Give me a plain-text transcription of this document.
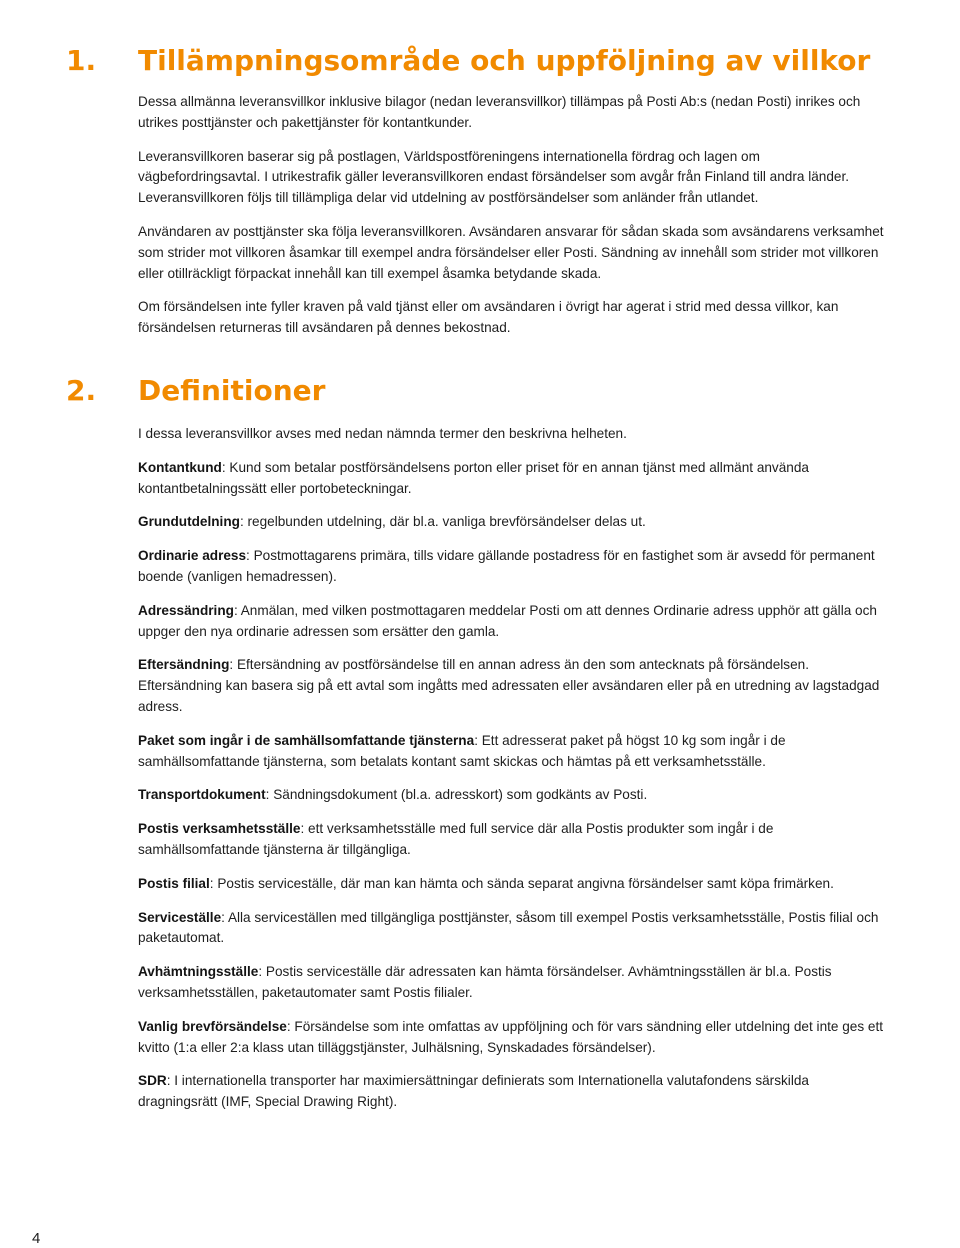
1. Tillämpningsområde och uppföljning av villkor

Dessa allmänna leveransvillkor inklusive bilagor (nedan leveransvillkor) tillämpas på Posti Ab:s (nedan Posti) inrikes och utrikes posttjänster och pakettjänster för kontantkunder.

Leveransvillkoren baserar sig på postlagen, Världspostföreningens internationella fördrag och lagen om vägbefordringsavtal. I utrikestrafik gäller leveransvillkoren endast försändelser som avgår från Finland till andra länder. Leveransvillkoren följs till tillämpliga delar vid utdelning av postförsändelser som anländer från utlandet.

Användaren av posttjänster ska följa leveransvillkoren. Avsändaren ansvarar för sådan skada som avsändarens verksamhet som strider mot villkoren åsamkar till exempel andra försändelser eller Posti. Sändning av innehåll som strider mot villkoren eller otillräckligt förpackat innehåll kan till exempel åsamka betydande skada.

Om försändelsen inte fyller kraven på vald tjänst eller om avsändaren i övrigt har agerat i strid med dessa villkor, kan försändelsen returneras till avsändaren på dennes bekostnad.

2. Definitioner

I dessa leveransvillkor avses med nedan nämnda termer den beskrivna helheten.

Kontantkund: Kund som betalar postförsändelsens porton eller priset för en annan tjänst med allmänt använda kontantbetalningssätt eller portobeteckningar.

Grundutdelning: regelbunden utdelning, där bl.a. vanliga brevförsändelser delas ut.

Ordinarie adress: Postmottagarens primära, tills vidare gällande postadress för en fastighet som är avsedd för permanent boende (vanligen hemadressen).

Adressändring: Anmälan, med vilken postmottagaren meddelar Posti om att dennes Ordinarie adress upphör att gälla och uppger den nya ordinarie adressen som ersätter den gamla.

Eftersändning: Eftersändning av postförsändelse till en annan adress än den som antecknats på försändelsen. Eftersändning kan basera sig på ett avtal som ingåtts med adressaten eller avsändaren eller på en utredning av lagstadgad adress.

Paket som ingår i de samhällsomfattande tjänsterna: Ett adresserat paket på högst 10 kg som ingår i de samhällsomfattande tjänsterna, som betalats kontant samt skickas och hämtas på ett verksamhetsställe.

Transportdokument: Sändningsdokument (bl.a. adresskort) som godkänts av Posti.

Postis verksamhetsställe: ett verksamhetsställe med full service där alla Postis produkter som ingår i de samhällsomfattande tjänsterna är tillgängliga.

Postis filial: Postis serviceställe, där man kan hämta och sända separat angivna försändelser samt köpa frimärken.

Serviceställe: Alla serviceställen med tillgängliga posttjänster, såsom till exempel Postis verksamhetsställe, Postis filial och paketautomat.

Avhämtningsställe: Postis serviceställe där adressaten kan hämta försändelser. Avhämtningsställen är bl.a. Postis verksamhetsställen, paketautomater samt Postis filialer.

Vanlig brevförsändelse: Försändelse som inte omfattas av uppföljning och för vars sändning eller utdelning det inte ges ett kvitto (1:a eller 2:a klass utan tilläggstjänster, Julhälsning, Synskadades försändelser).

SDR: I internationella transporter har maximiersättningar definierats som Internationella valutafondens särskilda dragningsrätt (IMF, Special Drawing Right).

4
